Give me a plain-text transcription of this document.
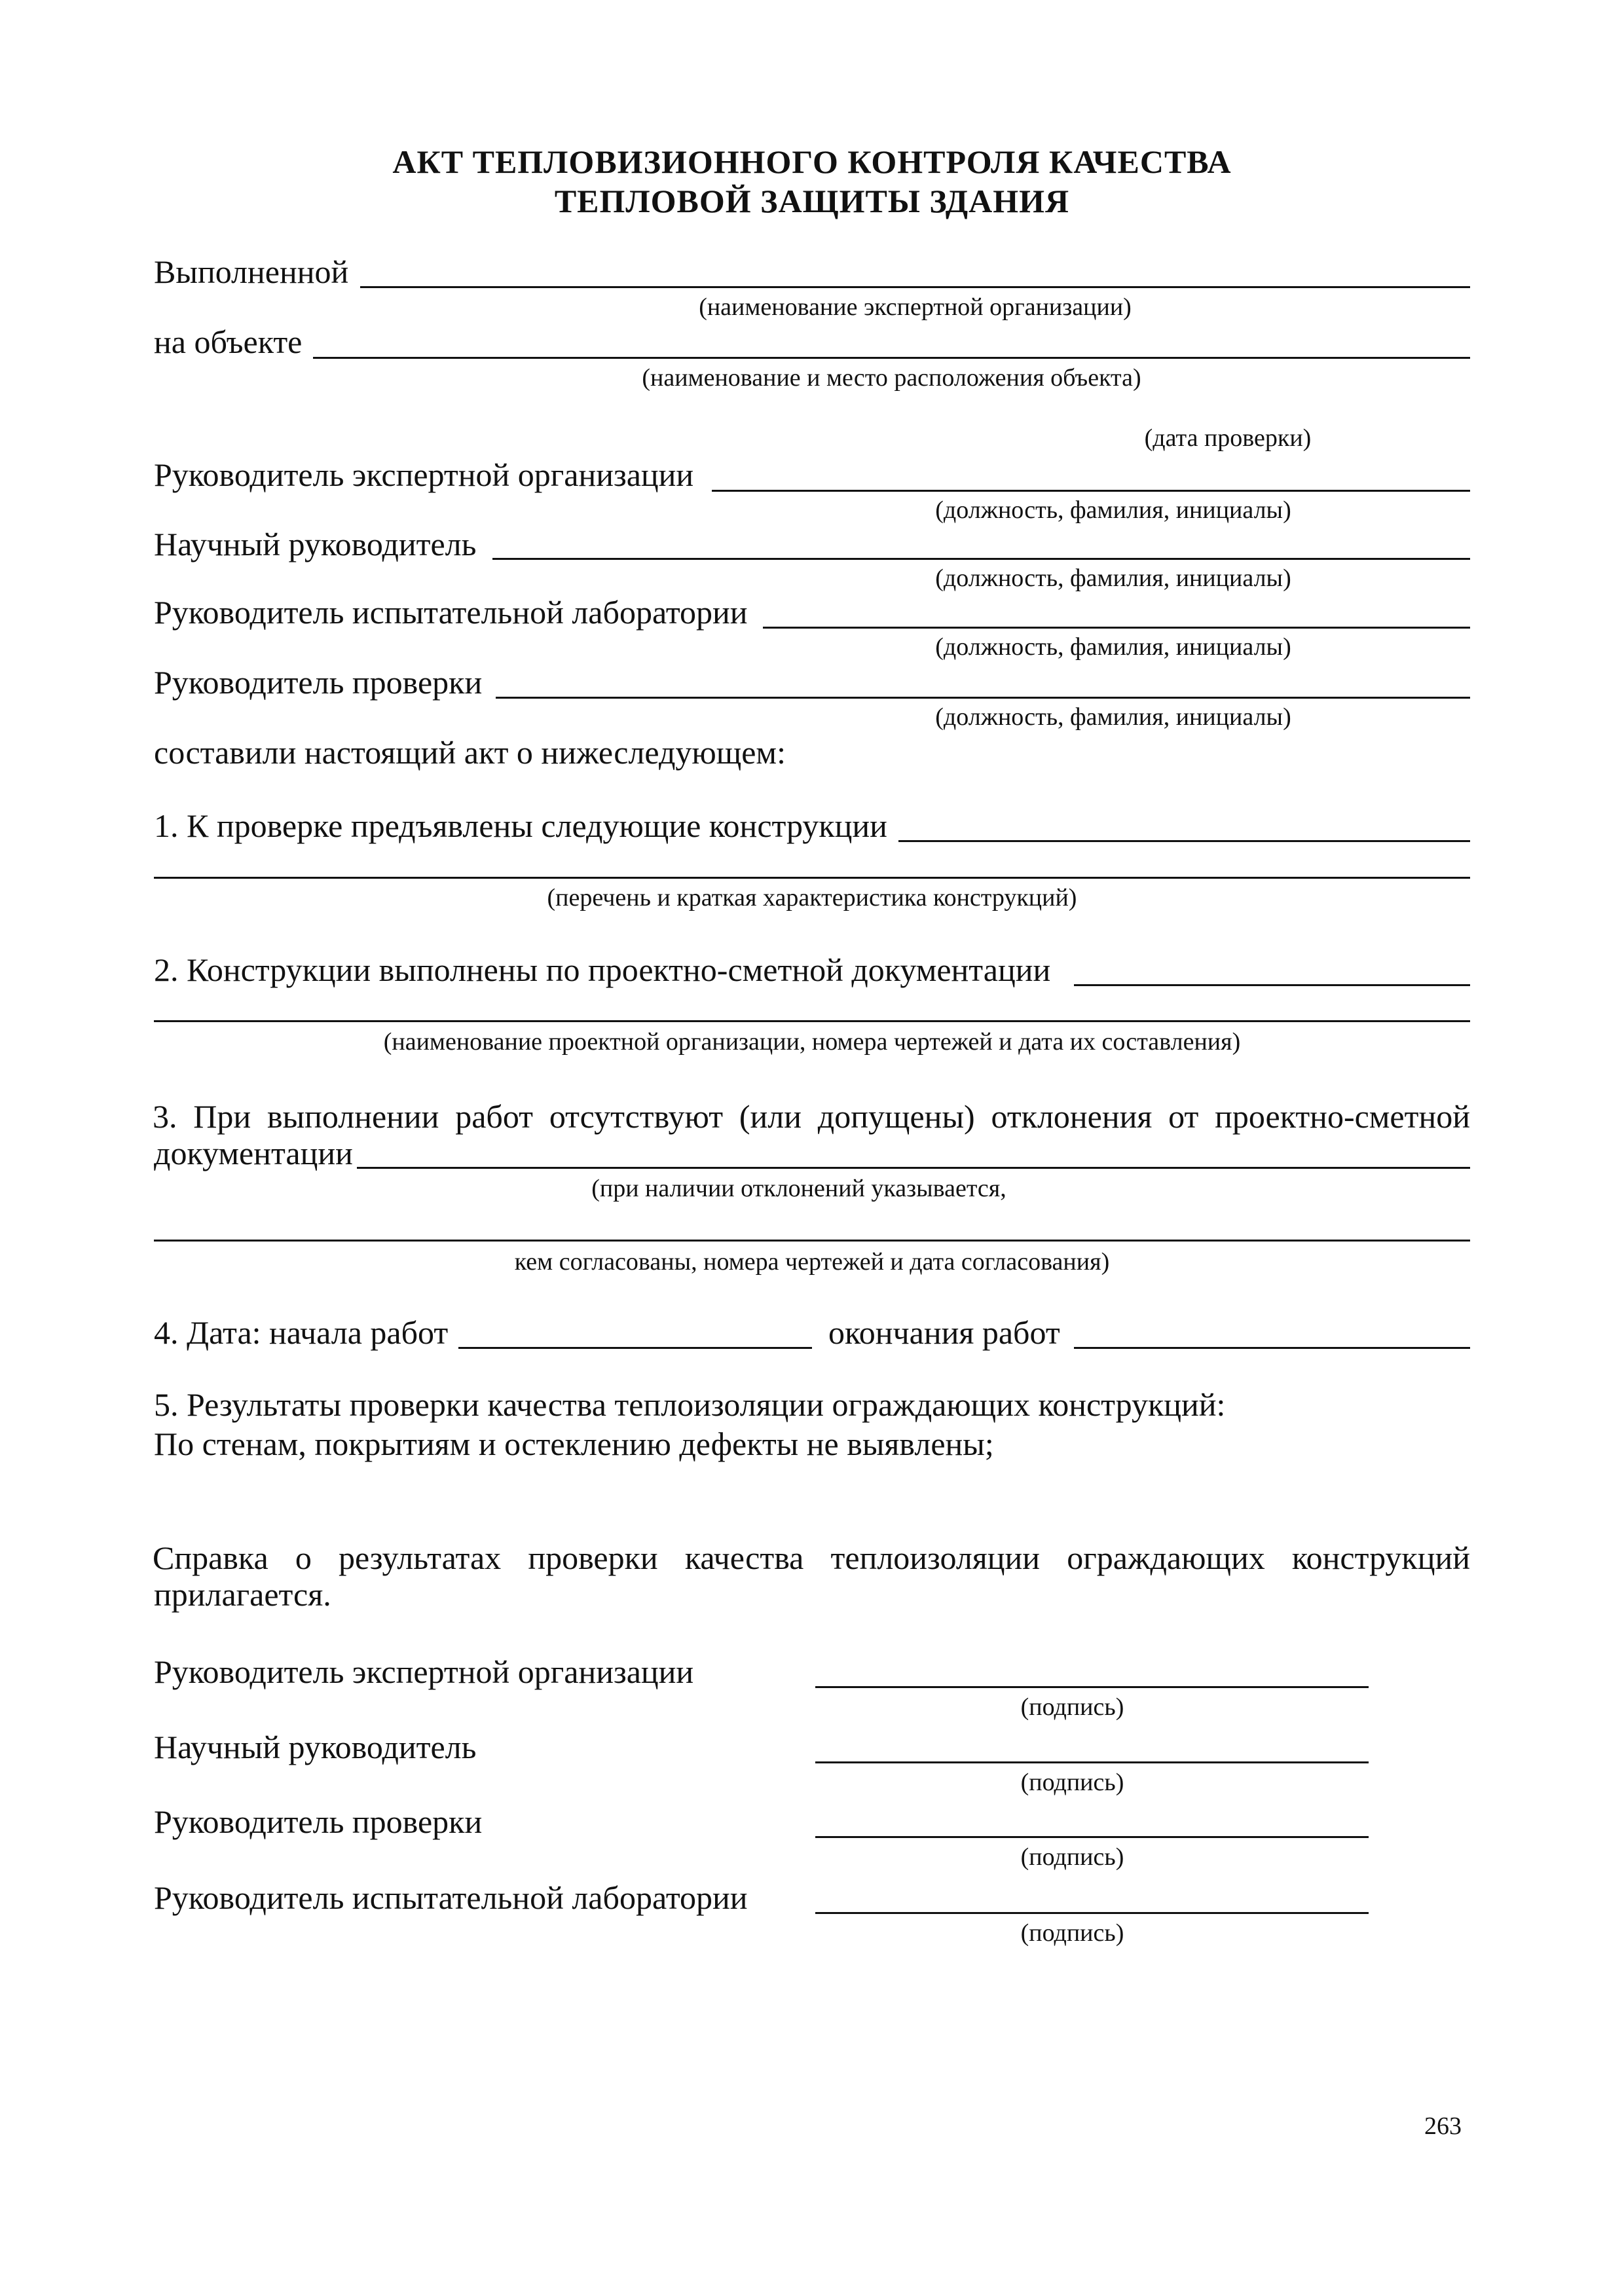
АКТ ТЕПЛОВИЗИОННОГО КОНТРОЛЯ КАЧЕСТВА
ТЕПЛОВОЙ ЗАЩИТЫ ЗДАНИЯ
Выполненной
(наименование экспертной организации)
на объекте
(наименование и место расположения объекта)
(дата проверки)
Руководитель экспертной организации
(должность, фамилия, инициалы)
Научный руководитель
(должность, фамилия, инициалы)
Руководитель испытательной лаборатории
(должность, фамилия, инициалы)
Руководитель проверки
(должность, фамилия, инициалы)
составили настоящий акт о нижеследующем:
1. К проверке предъявлены следующие конструкции
(перечень и краткая характеристика конструкций)
2. Конструкции выполнены по проектно-сметной документации
(наименование проектной организации, номера чертежей и дата их составления)
3. При выполнении работ отсутствуют (или допущены) отклонения от проектно-сметной
документации
(при наличии отклонений указывается,
кем согласованы, номера чертежей и дата согласования)
4. Дата: начала работ	окончания работ
5. Результаты проверки качества теплоизоляции ограждающих конструкций:
По стенам, покрытиям и остеклению дефекты не выявлены;
Справка о результатах проверки качества теплоизоляции ограждающих конструкций
прилагается.
Руководитель экспертной организации
(подпись)
Научный руководитель
(подпись)
Руководитель проверки
(подпись)
Руководитель испытательной лаборатории
(подпись)
263
